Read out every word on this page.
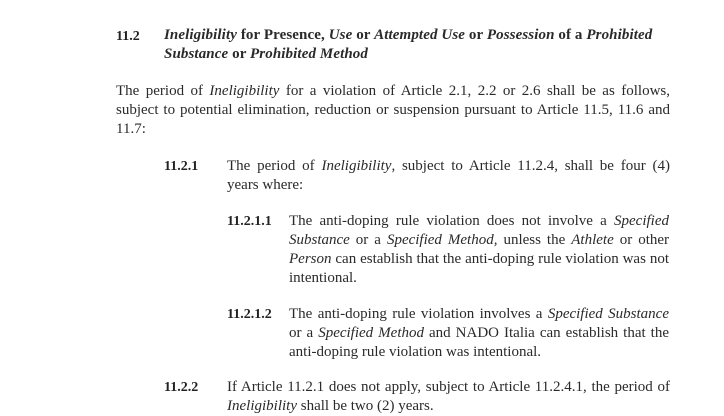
11.2 Ineligibility for Presence, Use or Attempted Use or Possession of a Prohibited Substance or Prohibited Method
The period of Ineligibility for a violation of Article 2.1, 2.2 or 2.6 shall be as follows, subject to potential elimination, reduction or suspension pursuant to Article 11.5, 11.6 and 11.7:
11.2.1 The period of Ineligibility, subject to Article 11.2.4, shall be four (4) years where:
11.2.1.1 The anti-doping rule violation does not involve a Specified Substance or a Specified Method, unless the Athlete or other Person can establish that the anti-doping rule violation was not intentional.
11.2.1.2 The anti-doping rule violation involves a Specified Substance or a Specified Method and NADO Italia can establish that the anti-doping rule violation was intentional.
11.2.2 If Article 11.2.1 does not apply, subject to Article 11.2.4.1, the period of Ineligibility shall be two (2) years.
